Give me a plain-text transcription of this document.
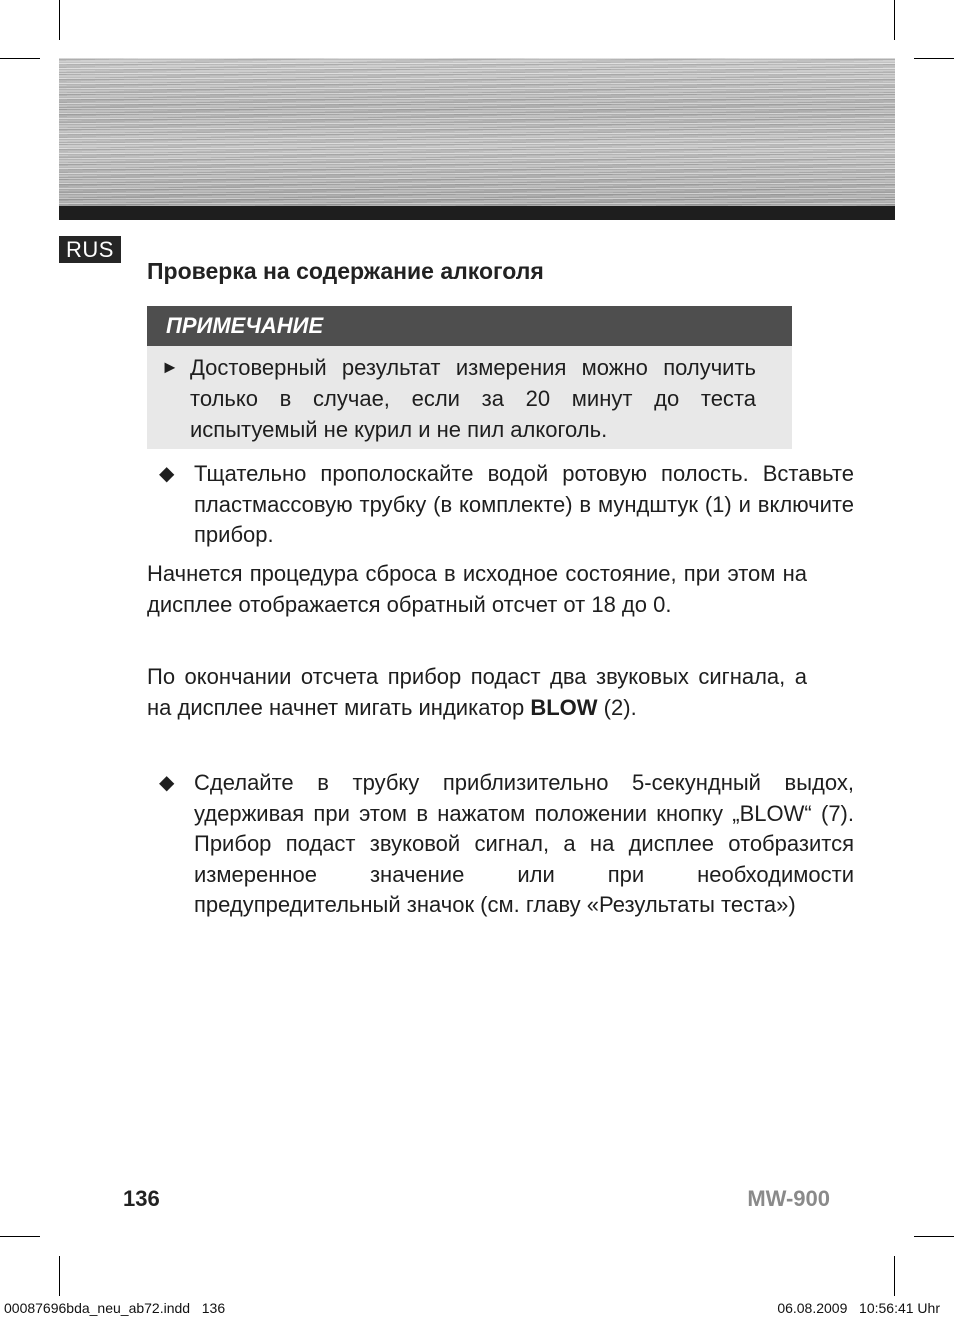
RUS
Проверка на содержание алкоголя
ПРИМЕЧАНИЕ
► Достоверный результат измерения можно получить только в случае, если за 20 минут до теста испытуемый не курил и не пил алкоголь.
◆ Тщательно прополоскайте водой ротовую полость. Вставьте пластмассовую трубку (в комплекте) в мундштук (1) и включите прибор.
Начнется процедура сброса в исходное состояние, при этом на дисплее отображается обратный отсчет от 18 до 0.
По окончании отсчета прибор подаст два звуковых сигнала, а на дисплее начнет мигать индикатор BLOW (2).
◆ Сделайте в трубку приблизительно 5-секундный выдох, удерживая при этом в нажатом положении кнопку „BLOW“ (7). Прибор подаст звуковой сигнал, а на дисплее отобразится измеренное значение или при необходимости предупредительный значок (см. главу «Результаты теста»)
136	MW-900
00087696bda_neu_ab72.indd   136	06.08.2009   10:56:41 Uhr
